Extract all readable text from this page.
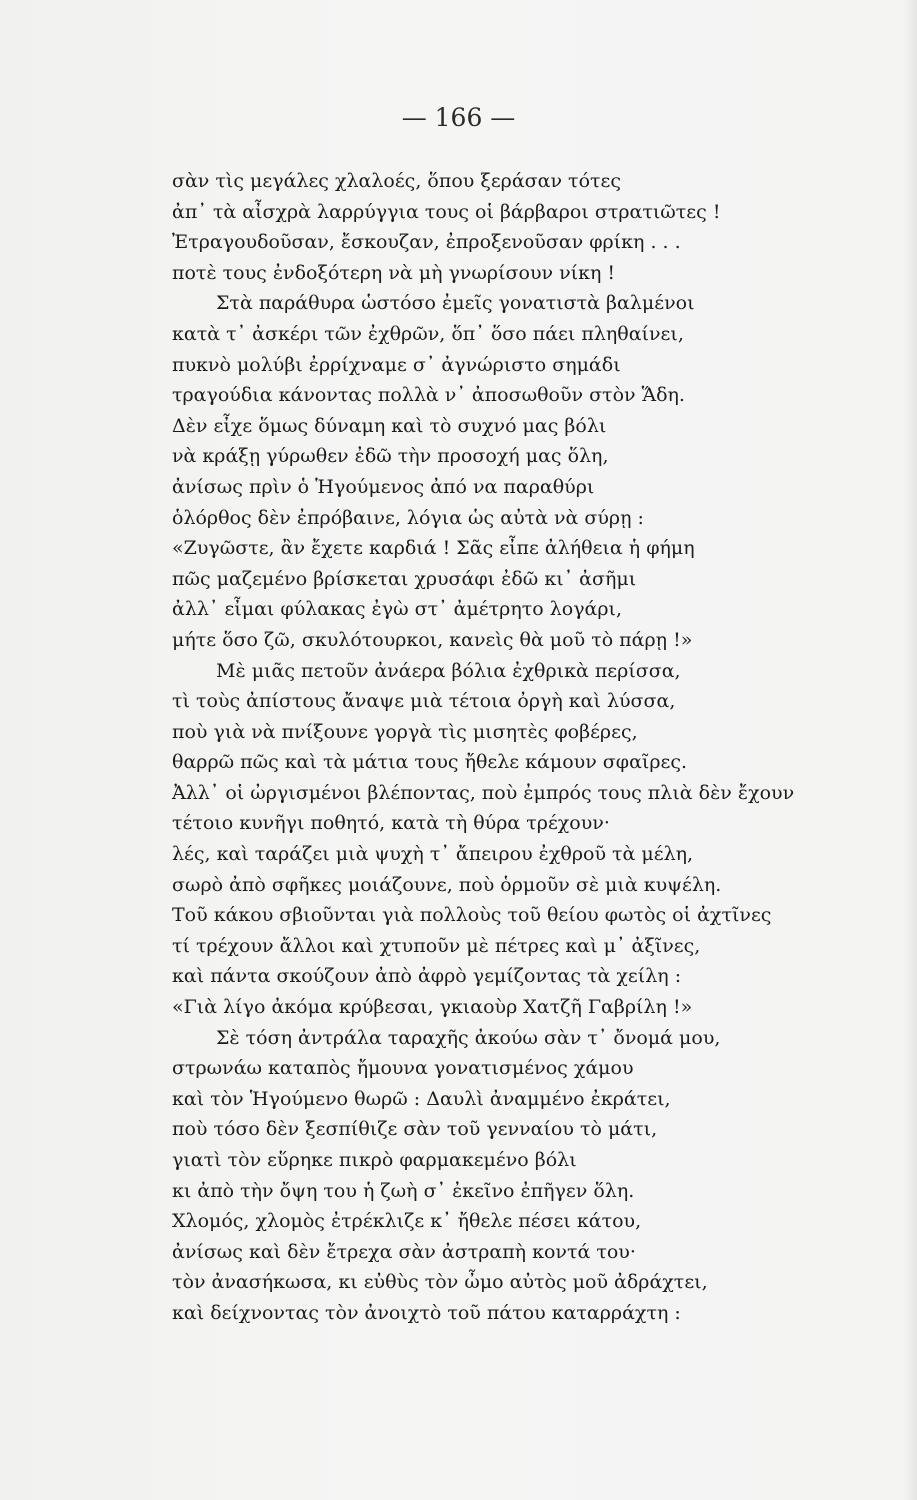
— 166 —
σὰν τὶς μεγάλες χλαλοές, ὅπου ξεράσαν τότες
ἀπ᾽ τὰ αἶσχρὰ λαρρύγγια τους οἱ βάρβαροι στρατιῶτες !
Ἐτραγουδοῦσαν, ἔσκουζαν, ἐπροξενοῦσαν φρίκη . . .
ποτὲ τους ἐνδοξότερη νὰ μὴ γνωρίσουν νίκη !
Στὰ παράθυρα ὡστόσο ἐμεῖς γονατιστὰ βαλμένοι
κατὰ τ᾽ ἀσκέρι τῶν ἐχθρῶν, ὅπ᾽ ὅσο πάει πληθαίνει,
πυκνὸ μολύβι ἐρρίχναμε σ᾽ ἀγνώριστο σημάδι
τραγούδια κάνοντας πολλὰ ν᾽ ἀποσωθοῦν στὸν Ἅδη.
Δὲν εἶχε ὅμως δύναμη καὶ τὸ συχνό μας βόλι
νὰ κράξῃ γύρωθεν ἐδῶ τὴν προσοχή μας ὅλη,
ἀνίσως πρὶν ὁ Ἡγούμενος ἀπό να παραθύρι
ὁλόρθος δὲν ἐπρόβαινε, λόγια ὡς αὐτὰ νὰ σύρῃ :
«Ζυγῶστε, ἂν ἔχετε καρδιά ! Σᾶς εἶπε ἀλήθεια ἡ φήμη
πῶς μαζεμένο βρίσκεται χρυσάφι ἐδῶ κι᾽ ἀσῆμι
ἀλλ᾽ εἶμαι φύλακας ἐγὼ στ᾽ ἀμέτρητο λογάρι,
μήτε ὅσο ζῶ, σκυλότουρκοι, κανεὶς θὰ μοῦ τὸ πάρῃ !»
Μὲ μιᾶς πετοῦν ἀνάερα βόλια ἐχθρικὰ περίσσα,
τὶ τοὺς ἀπίστους ἄναψε μιὰ τέτοια ὀργὴ καὶ λύσσα,
ποὺ γιὰ νὰ πνίξουνε γοργὰ τὶς μισητὲς φοβέρες,
θαρρῶ πῶς καὶ τὰ μάτια τους ἤθελε κάμουν σφαῖρες.
Ἀλλ᾽ οἱ ὠργισμένοι βλέποντας, ποὺ ἐμπρός τους πλιὰ δὲν ἔχουν
τέτοιο κυνῆγι ποθητό, κατὰ τὴ θύρα τρέχουν·
λές, καὶ ταράζει μιὰ ψυχὴ τ᾽ ἄπειρου ἐχθροῦ τὰ μέλη,
σωρὸ ἀπὸ σφῆκες μοιάζουνε, ποὺ ὁρμοῦν σὲ μιὰ κυψέλη.
Τοῦ κάκου σβιοῦνται γιὰ πολλοὺς τοῦ θείου φωτὸς οἱ ἀχτῖνες
τί τρέχουν ἄλλοι καὶ χτυποῦν μὲ πέτρες καὶ μ᾽ ἀξῖνες,
καὶ πάντα σκούζουν ἀπὸ ἀφρὸ γεμίζοντας τὰ χείλη :
«Γιὰ λίγο ἀκόμα κρύβεσαι, γκιαοὺρ Χατζῆ Γαβρίλη !»
Σὲ τόση ἀντράλα ταραχῆς ἀκούω σὰν τ᾽ ὄνομά μου,
στρωνάω καταπὸς ἤμουνα γονατισμένος χάμου
καὶ τὸν Ἡγούμενο θωρῶ : Δαυλὶ ἀναμμένο ἐκράτει,
ποὺ τόσο δὲν ξεσπίθιζε σὰν τοῦ γενναίου τὸ μάτι,
γιατὶ τὸν εὕρηκε πικρὸ φαρμακεμένο βόλι
κι ἀπὸ τὴν ὄψη του ἡ ζωὴ σ᾽ ἐκεῖνο ἐπῆγεν ὅλη.
Χλομός, χλομὸς ἐτρέκλιζε κ᾽ ἤθελε πέσει κάτου,
ἀνίσως καὶ δὲν ἔτρεχα σὰν ἀστραπὴ κοντά του·
τὸν ἀνασήκωσα, κι εὐθὺς τὸν ὦμο αὐτὸς μοῦ ἀδράχτει,
καὶ δείχνοντας τὸν ἀνοιχτὸ τοῦ πάτου καταρράχτη :
